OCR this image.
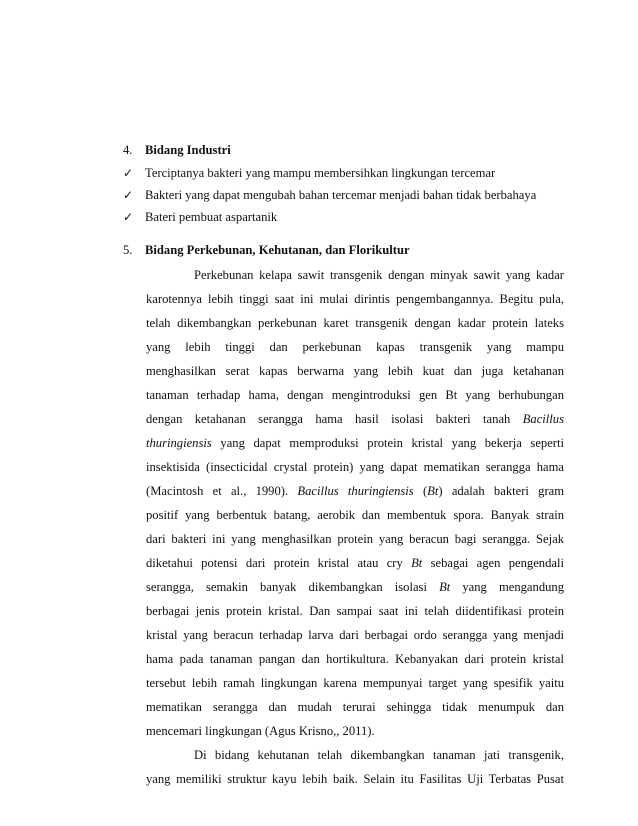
4. Bidang Industri
✓ Terciptanya bakteri yang mampu membersihkan lingkungan tercemar
✓ Bakteri yang dapat mengubah bahan tercemar menjadi bahan tidak berbahaya
✓ Bateri pembuat aspartanik
5. Bidang Perkebunan, Kehutanan, dan Florikultur
Perkebunan kelapa sawit transgenik dengan minyak sawit yang kadar
karotennya lebih tinggi saat ini mulai dirintis pengembangannya. Begitu pula,
telah dikembangkan perkebunan karet transgenik dengan kadar protein lateks
yang lebih tinggi dan perkebunan kapas transgenik yang mampu
menghasilkan serat kapas berwarna yang lebih kuat dan juga ketahanan
tanaman terhadap hama, dengan mengintroduksi gen Bt yang berhubungan
dengan ketahanan serangga hama hasil isolasi bakteri tanah Bacillus
thuringiensis yang dapat memproduksi protein kristal yang bekerja seperti
insektisida (insecticidal crystal protein) yang dapat mematikan serangga hama
(Macintosh et al., 1990). Bacillus thuringiensis (Bt) adalah bakteri gram
positif yang berbentuk batang, aerobik dan membentuk spora. Banyak strain
dari bakteri ini yang menghasilkan protein yang beracun bagi serangga. Sejak
diketahui potensi dari protein kristal atau cry Bt sebagai agen pengendali
serangga, semakin banyak dikembangkan isolasi Bt yang mengandung
berbagai jenis protein kristal. Dan sampai saat ini telah diidentifikasi protein
kristal yang beracun terhadap larva dari berbagai ordo serangga yang menjadi
hama pada tanaman pangan dan hortikultura. Kebanyakan dari protein kristal
tersebut lebih ramah lingkungan karena mempunyai target yang spesifik yaitu
mematikan serangga dan mudah terurai sehingga tidak menumpuk dan
mencemari lingkungan (Agus Krisno,, 2011).
Di bidang kehutanan telah dikembangkan tanaman jati transgenik,
yang memiliki struktur kayu lebih baik. Selain itu Fasilitas Uji Terbatas Pusat
